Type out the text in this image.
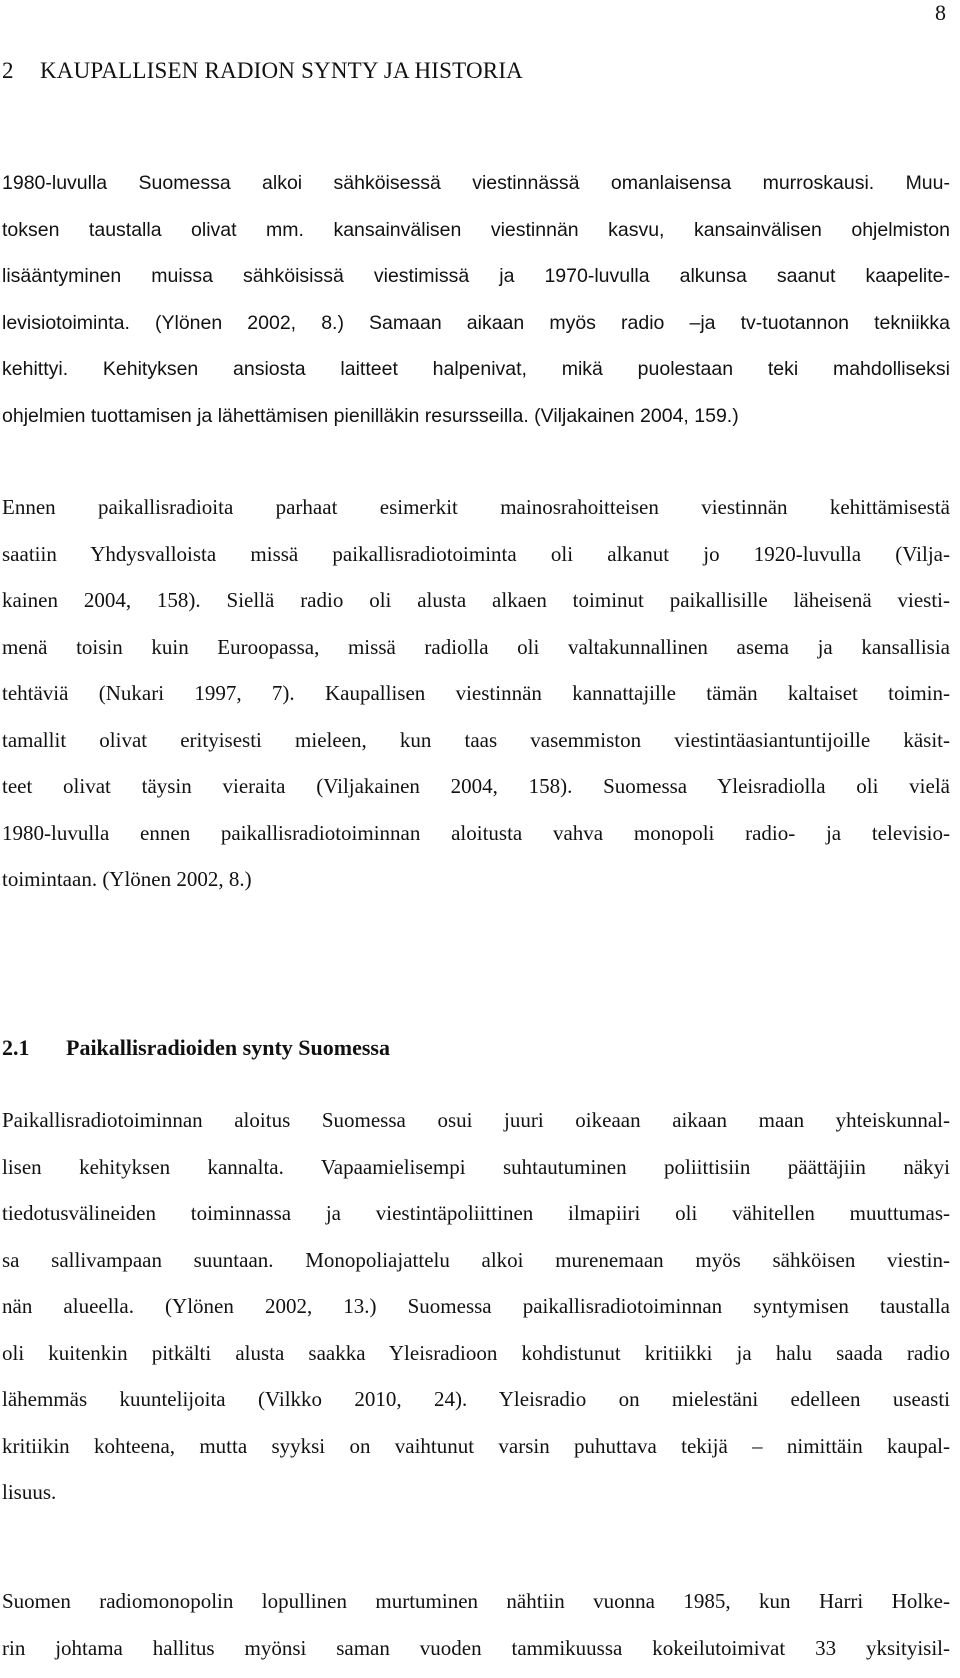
8
2 KAUPALLISEN RADION SYNTY JA HISTORIA

1980-luvulla Suomessa alkoi sähköisessä viestinnässä omanlaisensa murroskausi. Muu-
toksen taustalla olivat mm. kansainvälisen viestinnän kasvu, kansainvälisen ohjelmiston
lisääntyminen muissa sähköisissä viestimissä ja 1970-luvulla alkunsa saanut kaapelite-
levisiotoiminta. (Ylönen 2002, 8.) Samaan aikaan myös radio –ja tv-tuotannon tekniikka
kehittyi. Kehityksen ansiosta laitteet halpenivat, mikä puolestaan teki mahdolliseksi
ohjelmien tuottamisen ja lähettämisen pienilläkin resursseilla. (Viljakainen 2004, 159.)

Ennen paikallisradioita parhaat esimerkit mainosrahoitteisen viestinnän kehittämisestä
saatiin Yhdysvalloista missä paikallisradiotoiminta oli alkanut jo 1920-luvulla (Vilja-
kainen 2004, 158). Siellä radio oli alusta alkaen toiminut paikallisille läheisenä viesti-
menä toisin kuin Euroopassa, missä radiolla oli valtakunnallinen asema ja kansallisia
tehtäviä (Nukari 1997, 7). Kaupallisen viestinnän kannattajille tämän kaltaiset toimin-
tamallit olivat erityisesti mieleen, kun taas vasemmiston viestintäasiantuntijoille käsit-
teet olivat täysin vieraita (Viljakainen 2004, 158). Suomessa Yleisradiolla oli vielä
1980-luvulla ennen paikallisradiotoiminnan aloitusta vahva monopoli radio- ja televisio-
toimintaan. (Ylönen 2002, 8.)

2.1 Paikallisradioiden synty Suomessa

Paikallisradiotoiminnan aloitus Suomessa osui juuri oikeaan aikaan maan yhteiskunnal-
lisen kehityksen kannalta. Vapaamielisempi suhtautuminen poliittisiin päättäjiin näkyi
tiedotusvälineiden toiminnassa ja viestintäpoliittinen ilmapiiri oli vähitellen muuttumas-
sa sallivampaan suuntaan. Monopoliajattelu alkoi murenemaan myös sähköisen viestin-
nän alueella. (Ylönen 2002, 13.) Suomessa paikallisradiotoiminnan syntymisen taustalla
oli kuitenkin pitkälti alusta saakka Yleisradioon kohdistunut kritiikki ja halu saada radio
lähemmäs kuuntelijoita (Vilkko 2010, 24). Yleisradio on mielestäni edelleen useasti
kritiikin kohteena, mutta syyksi on vaihtunut varsin puhuttava tekijä – nimittäin kaupal-
lisuus.

Suomen radiomonopolin lopullinen murtuminen nähtiin vuonna 1985, kun Harri Holke-
rin johtama hallitus myönsi saman vuoden tammikuussa kokeilutoimivat 33 yksityisil-
